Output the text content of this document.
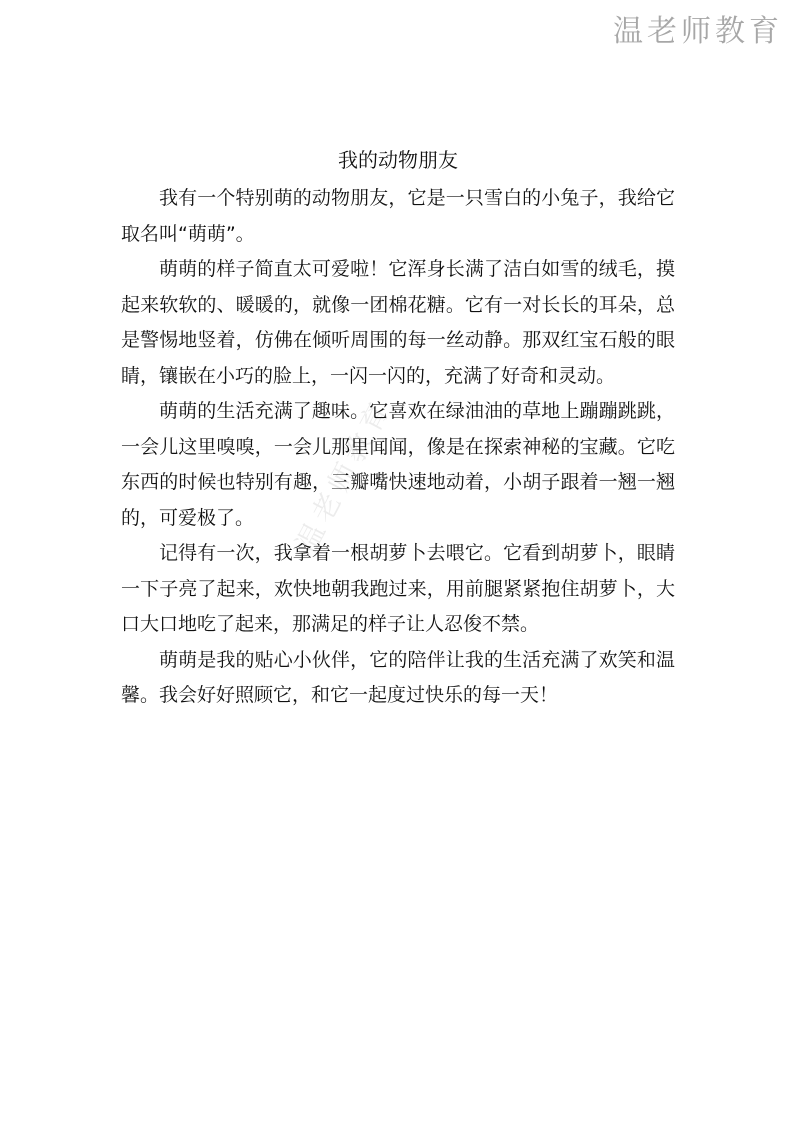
温老师教育
温老师教育
我的动物朋友

我有一个特别萌的动物朋友，它是一只雪白的小兔子，我给它取名叫“萌萌”。

萌萌的样子简直太可爱啦！它浑身长满了洁白如雪的绒毛，摸起来软软的、暖暖的，就像一团棉花糖。它有一对长长的耳朵，总是警惕地竖着，仿佛在倾听周围的每一丝动静。那双红宝石般的眼睛，镶嵌在小巧的脸上，一闪一闪的，充满了好奇和灵动。

萌萌的生活充满了趣味。它喜欢在绿油油的草地上蹦蹦跳跳，一会儿这里嗅嗅，一会儿那里闻闻，像是在探索神秘的宝藏。它吃东西的时候也特别有趣，三瓣嘴快速地动着，小胡子跟着一翘一翘的，可爱极了。

记得有一次，我拿着一根胡萝卜去喂它。它看到胡萝卜，眼睛一下子亮了起来，欢快地朝我跑过来，用前腿紧紧抱住胡萝卜，大口大口地吃了起来，那满足的样子让人忍俊不禁。

萌萌是我的贴心小伙伴，它的陪伴让我的生活充满了欢笑和温馨。我会好好照顾它，和它一起度过快乐的每一天！
